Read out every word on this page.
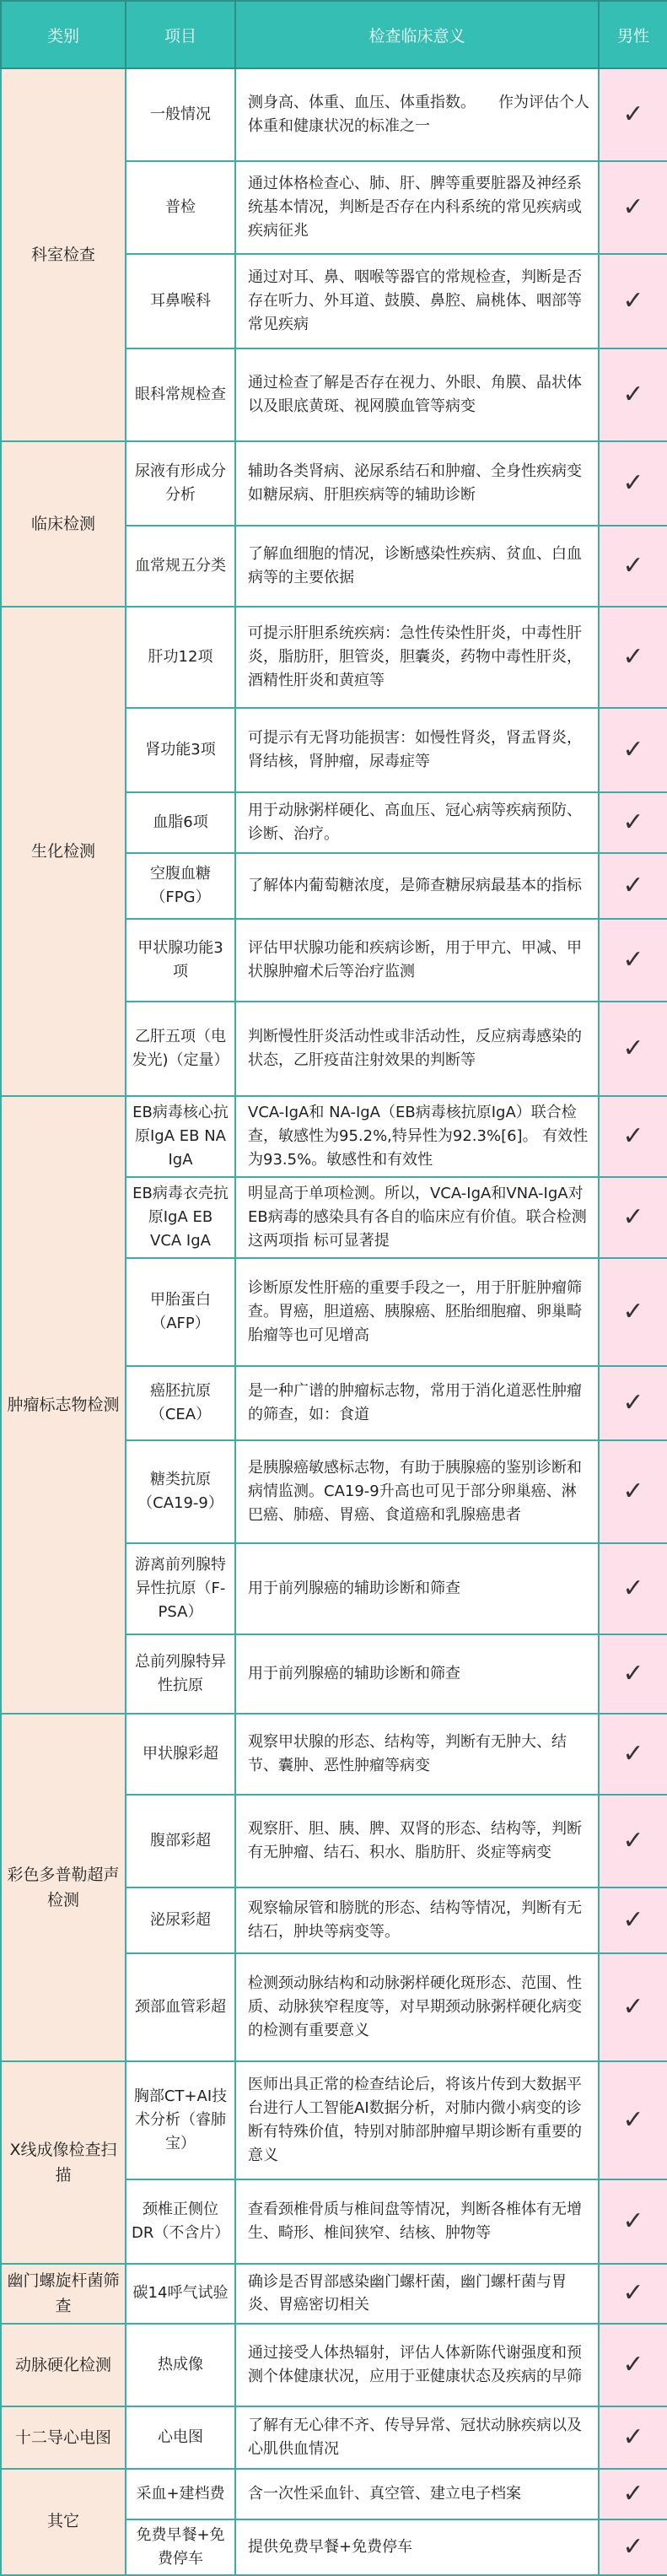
类别	项目	检查临床意义	男性
科室检查	一般情况	测身高、体重、血压、体重指数。　　作为评估个人体重和健康状况的标准之一	✓
	普检	通过体格检查心、肺、肝、脾等重要脏器及神经系统基本情况，判断是否存在内科系统的常见疾病或疾病征兆	✓
	耳鼻喉科	通过对耳、鼻、咽喉等器官的常规检查，判断是否存在听力、外耳道、鼓膜、鼻腔、扁桃体、咽部等常见疾病	✓
	眼科常规检查	通过检查了解是否存在视力、外眼、角膜、晶状体以及眼底黄斑、视网膜血管等病变	✓
临床检测	尿液有形成分分析	辅助各类肾病、泌尿系结石和肿瘤、全身性疾病变如糖尿病、肝胆疾病等的辅助诊断	✓
	血常规五分类	了解血细胞的情况，诊断感染性疾病、贫血、白血病等的主要依据	✓
生化检测	肝功12项	可提示肝胆系统疾病：急性传染性肝炎，中毒性肝炎，脂肪肝，胆管炎，胆囊炎，药物中毒性肝炎，酒精性肝炎和黄疸等	✓
	肾功能3项	可提示有无肾功能损害：如慢性肾炎，肾盂肾炎，肾结核，肾肿瘤，尿毒症等	✓
	血脂6项	用于动脉粥样硬化、高血压、冠心病等疾病预防、诊断、治疗。	✓
	空腹血糖（FPG）	了解体内葡萄糖浓度，是筛查糖尿病最基本的指标	✓
	甲状腺功能3项	评估甲状腺功能和疾病诊断，用于甲亢、甲减、甲状腺肿瘤术后等治疗监测	✓
	乙肝五项（电发光)（定量）	判断慢性肝炎活动性或非活动性，反应病毒感染的状态，乙肝疫苗注射效果的判断等	✓
肿瘤标志物检测	EB病毒核心抗原IgA EB NA IgA	VCA-IgA和 NA-IgA（EB病毒核抗原IgA）联合检查，敏感性为95.2%,特异性为92.3%[6]。 有效性为93.5%。敏感性和有效性	✓
	EB病毒衣壳抗原IgA EB VCA IgA	明显高于单项检测。所以，VCA-IgA和VNA-IgA对EB病毒的感染具有各自的临床应有价值。联合检测这两项指 标可显著提	✓
	甲胎蛋白（AFP）	诊断原发性肝癌的重要手段之一，用于肝脏肿瘤筛查。胃癌，胆道癌、胰腺癌、胚胎细胞瘤、卵巢畸胎瘤等也可见增高	✓
	癌胚抗原（CEA）	是一种广谱的肿瘤标志物，常用于消化道恶性肿瘤的筛查，如：食道	✓
	糖类抗原（CA19-9）	是胰腺癌敏感标志物，有助于胰腺癌的鉴别诊断和病情监测。CA19-9升高也可见于部分卵巢癌、淋巴癌、肺癌、胃癌、食道癌和乳腺癌患者	✓
	游离前列腺特异性抗原（F-PSA）	用于前列腺癌的辅助诊断和筛查	✓
	总前列腺特异性抗原	用于前列腺癌的辅助诊断和筛查	✓
彩色多普勒超声检测	甲状腺彩超	观察甲状腺的形态、结构等，判断有无肿大、结节、囊肿、恶性肿瘤等病变	✓
	腹部彩超	观察肝、胆、胰、脾、双肾的形态、结构等，判断有无肿瘤、结石、积水、脂肪肝、炎症等病变	✓
	泌尿彩超	观察输尿管和膀胱的形态、结构等情况，判断有无结石，肿块等病变等。	✓
	颈部血管彩超	检测颈动脉结构和动脉粥样硬化斑形态、范围、性质、动脉狭窄程度等，对早期颈动脉粥样硬化病变的检测有重要意义	✓
X线成像检查扫描	胸部CT+AI技术分析（睿肺宝）	医师出具正常的检查结论后，将该片传到大数据平台进行人工智能AI数据分析，对肺内微小病变的诊断有特殊价值，特别对肺部肿瘤早期诊断有重要的意义	✓
	颈椎正侧位DR（不含片）	查看颈椎骨质与椎间盘等情况，判断各椎体有无增生、畸形、椎间狭窄、结核、肿物等	✓
幽门螺旋杆菌筛查	碳14呼气试验	确诊是否胃部感染幽门螺杆菌，幽门螺杆菌与胃炎、胃癌密切相关	✓
动脉硬化检测	热成像	通过接受人体热辐射，评估人体新陈代谢强度和预测个体健康状况，应用于亚健康状态及疾病的早筛	✓
十二导心电图	心电图	了解有无心律不齐、传导异常、冠状动脉疾病以及心肌供血情况	✓
其它	采血+建档费	含一次性采血针、真空管、建立电子档案	✓
	免费早餐+免费停车	提供免费早餐+免费停车	✓
